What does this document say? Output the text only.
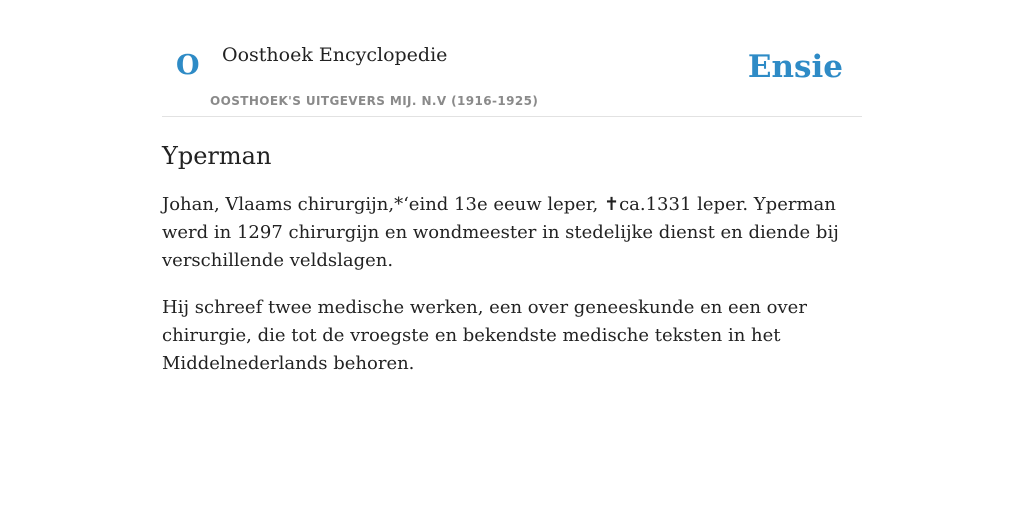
O Oosthoek Encyclopedie
OOSTHOEK'S UITGEVERS MIJ. N.V (1916-1925)
Ensie
Yperman

Johan, Vlaams chirurgijn,*‘eind 13e eeuw leper, ✝ca.1331 leper. Yperman werd in 1297 chirurgijn en wondmeester in stedelijke dienst en diende bij verschillende veldslagen.

Hij schreef twee medische werken, een over geneeskunde en een over chirurgie, die tot de vroegste en bekendste medische teksten in het Middelnederlands behoren.
